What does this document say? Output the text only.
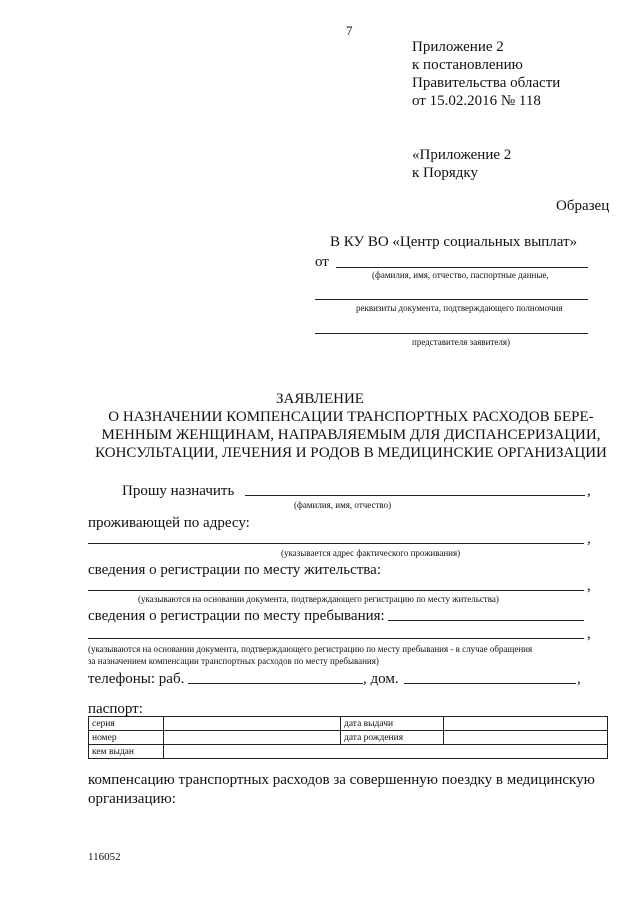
7
Приложение 2
к постановлению
Правительства области
от 15.02.2016 № 118
«Приложение 2
к Порядку
Образец
В КУ ВО «Центр социальных выплат»
от
(фамилия, имя, отчество, паспортные данные,
реквизиты документа, подтверждающего полномочия
представителя заявителя)
ЗАЯВЛЕНИЕ
О НАЗНАЧЕНИИ КОМПЕНСАЦИИ ТРАНСПОРТНЫХ РАСХОДОВ БЕРЕ-
МЕННЫМ ЖЕНЩИНАМ, НАПРАВЛЯЕМЫМ ДЛЯ ДИСПАНСЕРИЗАЦИИ,
КОНСУЛЬТАЦИИ, ЛЕЧЕНИЯ И РОДОВ В МЕДИЦИНСКИЕ ОРГАНИЗАЦИИ
Прошу назначить	,
(фамилия, имя, отчество)
проживающей по адресу:
,
(указывается адрес фактического проживания)
сведения о регистрации по месту жительства:
,
(указываются на основании документа, подтверждающего регистрацию по месту жительства)
сведения о регистрации по месту пребывания:
,
(указываются на основании документа, подтверждающего регистрацию по месту пребывания - в случае обращения
за назначением компенсации транспортных расходов по месту пребывания)
телефоны: раб.	, дом.	,
паспорт:
серия		дата выдачи	
номер		дата рождения	
кем выдан			
компенсацию транспортных расходов за совершенную поездку в медицинскую
организацию:
116052
